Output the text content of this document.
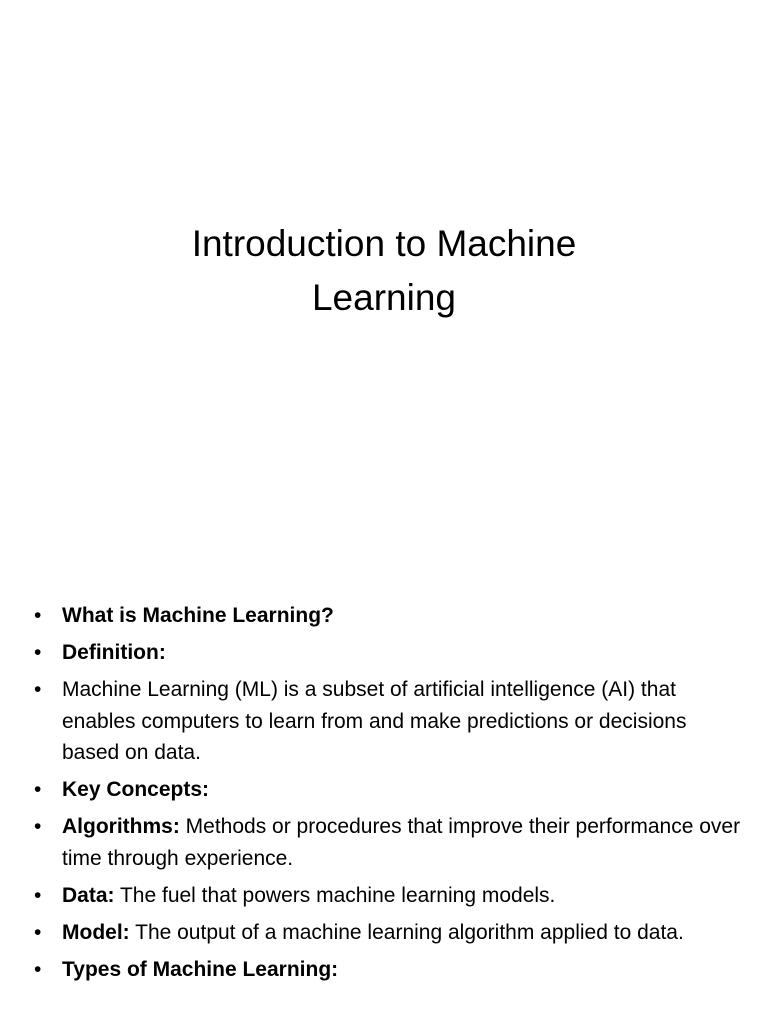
Introduction to Machine
Learning
• What is Machine Learning?
• Definition:
• Machine Learning (ML) is a subset of artificial intelligence (AI) that enables computers to learn from and make predictions or decisions based on data.
• Key Concepts:
• Algorithms: Methods or procedures that improve their performance over time through experience.
• Data: The fuel that powers machine learning models.
• Model: The output of a machine learning algorithm applied to data.
• Types of Machine Learning:
